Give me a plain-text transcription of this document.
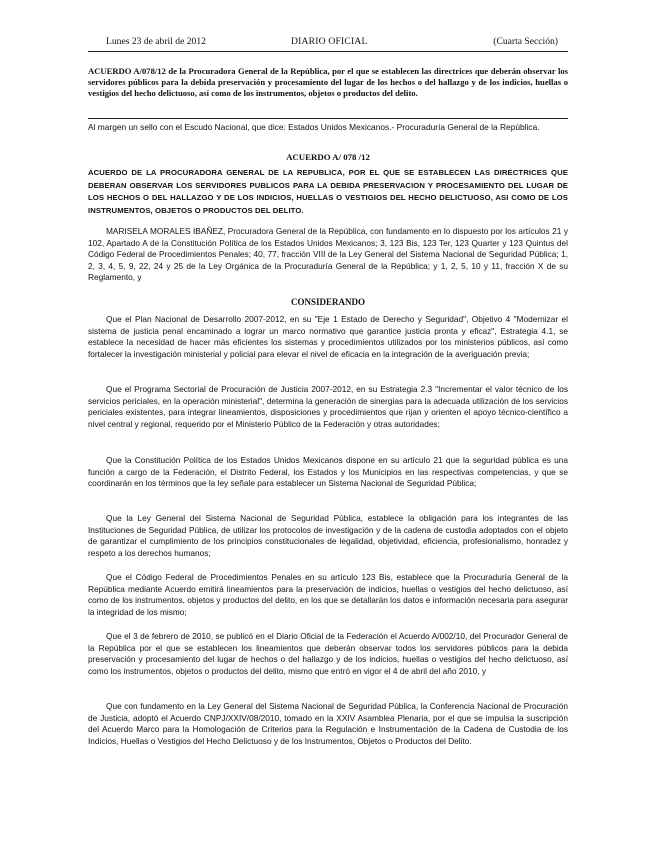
Lunes 23 de abril de 2012	DIARIO OFICIAL	(Cuarta Sección)
ACUERDO A/078/12 de la Procuradora General de la República, por el que se establecen las directrices que deberán observar los servidores públicos para la debida preservación y procesamiento del lugar de los hechos o del hallazgo y de los indicios, huellas o vestigios del hecho delictuoso, así como de los instrumentos, objetos o productos del delito.
Al margen un sello con el Escudo Nacional, que dice: Estados Unidos Mexicanos.- Procuraduría General de la República.
ACUERDO A/ 078 /12
ACUERDO DE LA PROCURADORA GENERAL DE LA REPUBLICA, POR EL QUE SE ESTABLECEN LAS DIRECTRICES QUE DEBERAN OBSERVAR LOS SERVIDORES PUBLICOS PARA LA DEBIDA PRESERVACION Y PROCESAMIENTO DEL LUGAR DE LOS HECHOS O DEL HALLAZGO Y DE LOS INDICIOS, HUELLAS O VESTIGIOS DEL HECHO DELICTUOSO, ASI COMO DE LOS INSTRUMENTOS, OBJETOS O PRODUCTOS DEL DELITO.
MARISELA MORALES IBAÑEZ, Procuradora General de la República, con fundamento en lo dispuesto por los artículos 21 y 102, Apartado A de la Constitución Política de los Estados Unidos Mexicanos; 3, 123 Bis, 123 Ter, 123 Quarter y 123 Quintus del Código Federal de Procedimientos Penales; 40, 77, fracción VIII de la Ley General del Sistema Nacional de Seguridad Pública; 1, 2, 3, 4, 5, 9, 22, 24 y 25 de la Ley Orgánica de la Procuraduría General de la República; y 1, 2, 5, 10 y 11, fracción X de su Reglamento, y
CONSIDERANDO
Que el Plan Nacional de Desarrollo 2007-2012, en su "Eje 1 Estado de Derecho y Seguridad", Objetivo 4 "Modernizar el sistema de justicia penal encaminado a lograr un marco normativo que garantice justicia pronta y eficaz", Estrategia 4.1, se establece la necesidad de hacer más eficientes los sistemas y procedimientos utilizados por los ministerios públicos, así como fortalecer la investigación ministerial y policial para elevar el nivel de eficacia en la integración de la averiguación previa;
Que el Programa Sectorial de Procuración de Justicia 2007-2012, en su Estrategia 2.3 "Incrementar el valor técnico de los servicios periciales, en la operación ministerial", determina la generación de sinergias para la adecuada utilización de los servicios periciales existentes, para integrar lineamientos, disposiciones y procedimientos que rijan y orienten el apoyo técnico-científico a nivel central y regional, requerido por el Ministerio Público de la Federación y otras autoridades;
Que la Constitución Política de los Estados Unidos Mexicanos dispone en su artículo 21 que la seguridad pública es una función a cargo de la Federación, el Distrito Federal, los Estados y los Municipios en las respectivas competencias, y que se coordinarán en los términos que la ley señale para establecer un Sistema Nacional de Seguridad Pública;
Que la Ley General del Sistema Nacional de Seguridad Pública, establece la obligación para los integrantes de las Instituciones de Seguridad Pública, de utilizar los protocolos de investigación y de la cadena de custodia adoptados con el objeto de garantizar el cumplimiento de los principios constitucionales de legalidad, objetividad, eficiencia, profesionalismo, honradez y respeto a los derechos humanos;
Que el Código Federal de Procedimientos Penales en su artículo 123 Bis, establece que la Procuraduría General de la República mediante Acuerdo emitirá lineamientos para la preservación de indicios, huellas o vestigios del hecho delictuoso, así como de los instrumentos, objetos y productos del delito, en los que se detallarán los datos e información necesaria para asegurar la integridad de los mismo;
Que el 3 de febrero de 2010, se publicó en el Diario Oficial de la Federación el Acuerdo A/002/10, del Procurador General de la República por el que se establecen los lineamientos que deberán observar todos los servidores públicos para la debida preservación y procesamiento del lugar de hechos o del hallazgo y de los indicios, huellas o vestigios del hecho delictuoso, así como los instrumentos, objetos o productos del delito, mismo que entró en vigor el 4 de abril del año 2010, y
Que con fundamento en la Ley General del Sistema Nacional de Seguridad Pública, la Conferencia Nacional de Procuración de Justicia, adoptó el Acuerdo CNPJ/XXIV/08/2010, tomado en la XXIV Asamblea Plenaria, por el que se impulsa la suscripción del Acuerdo Marco para la Homologación de Criterios para la Regulación e Instrumentación de la Cadena de Custodia de los Indicios, Huellas o Vestigios del Hecho Delictuoso y de los Instrumentos, Objetos o Productos del Delito.
